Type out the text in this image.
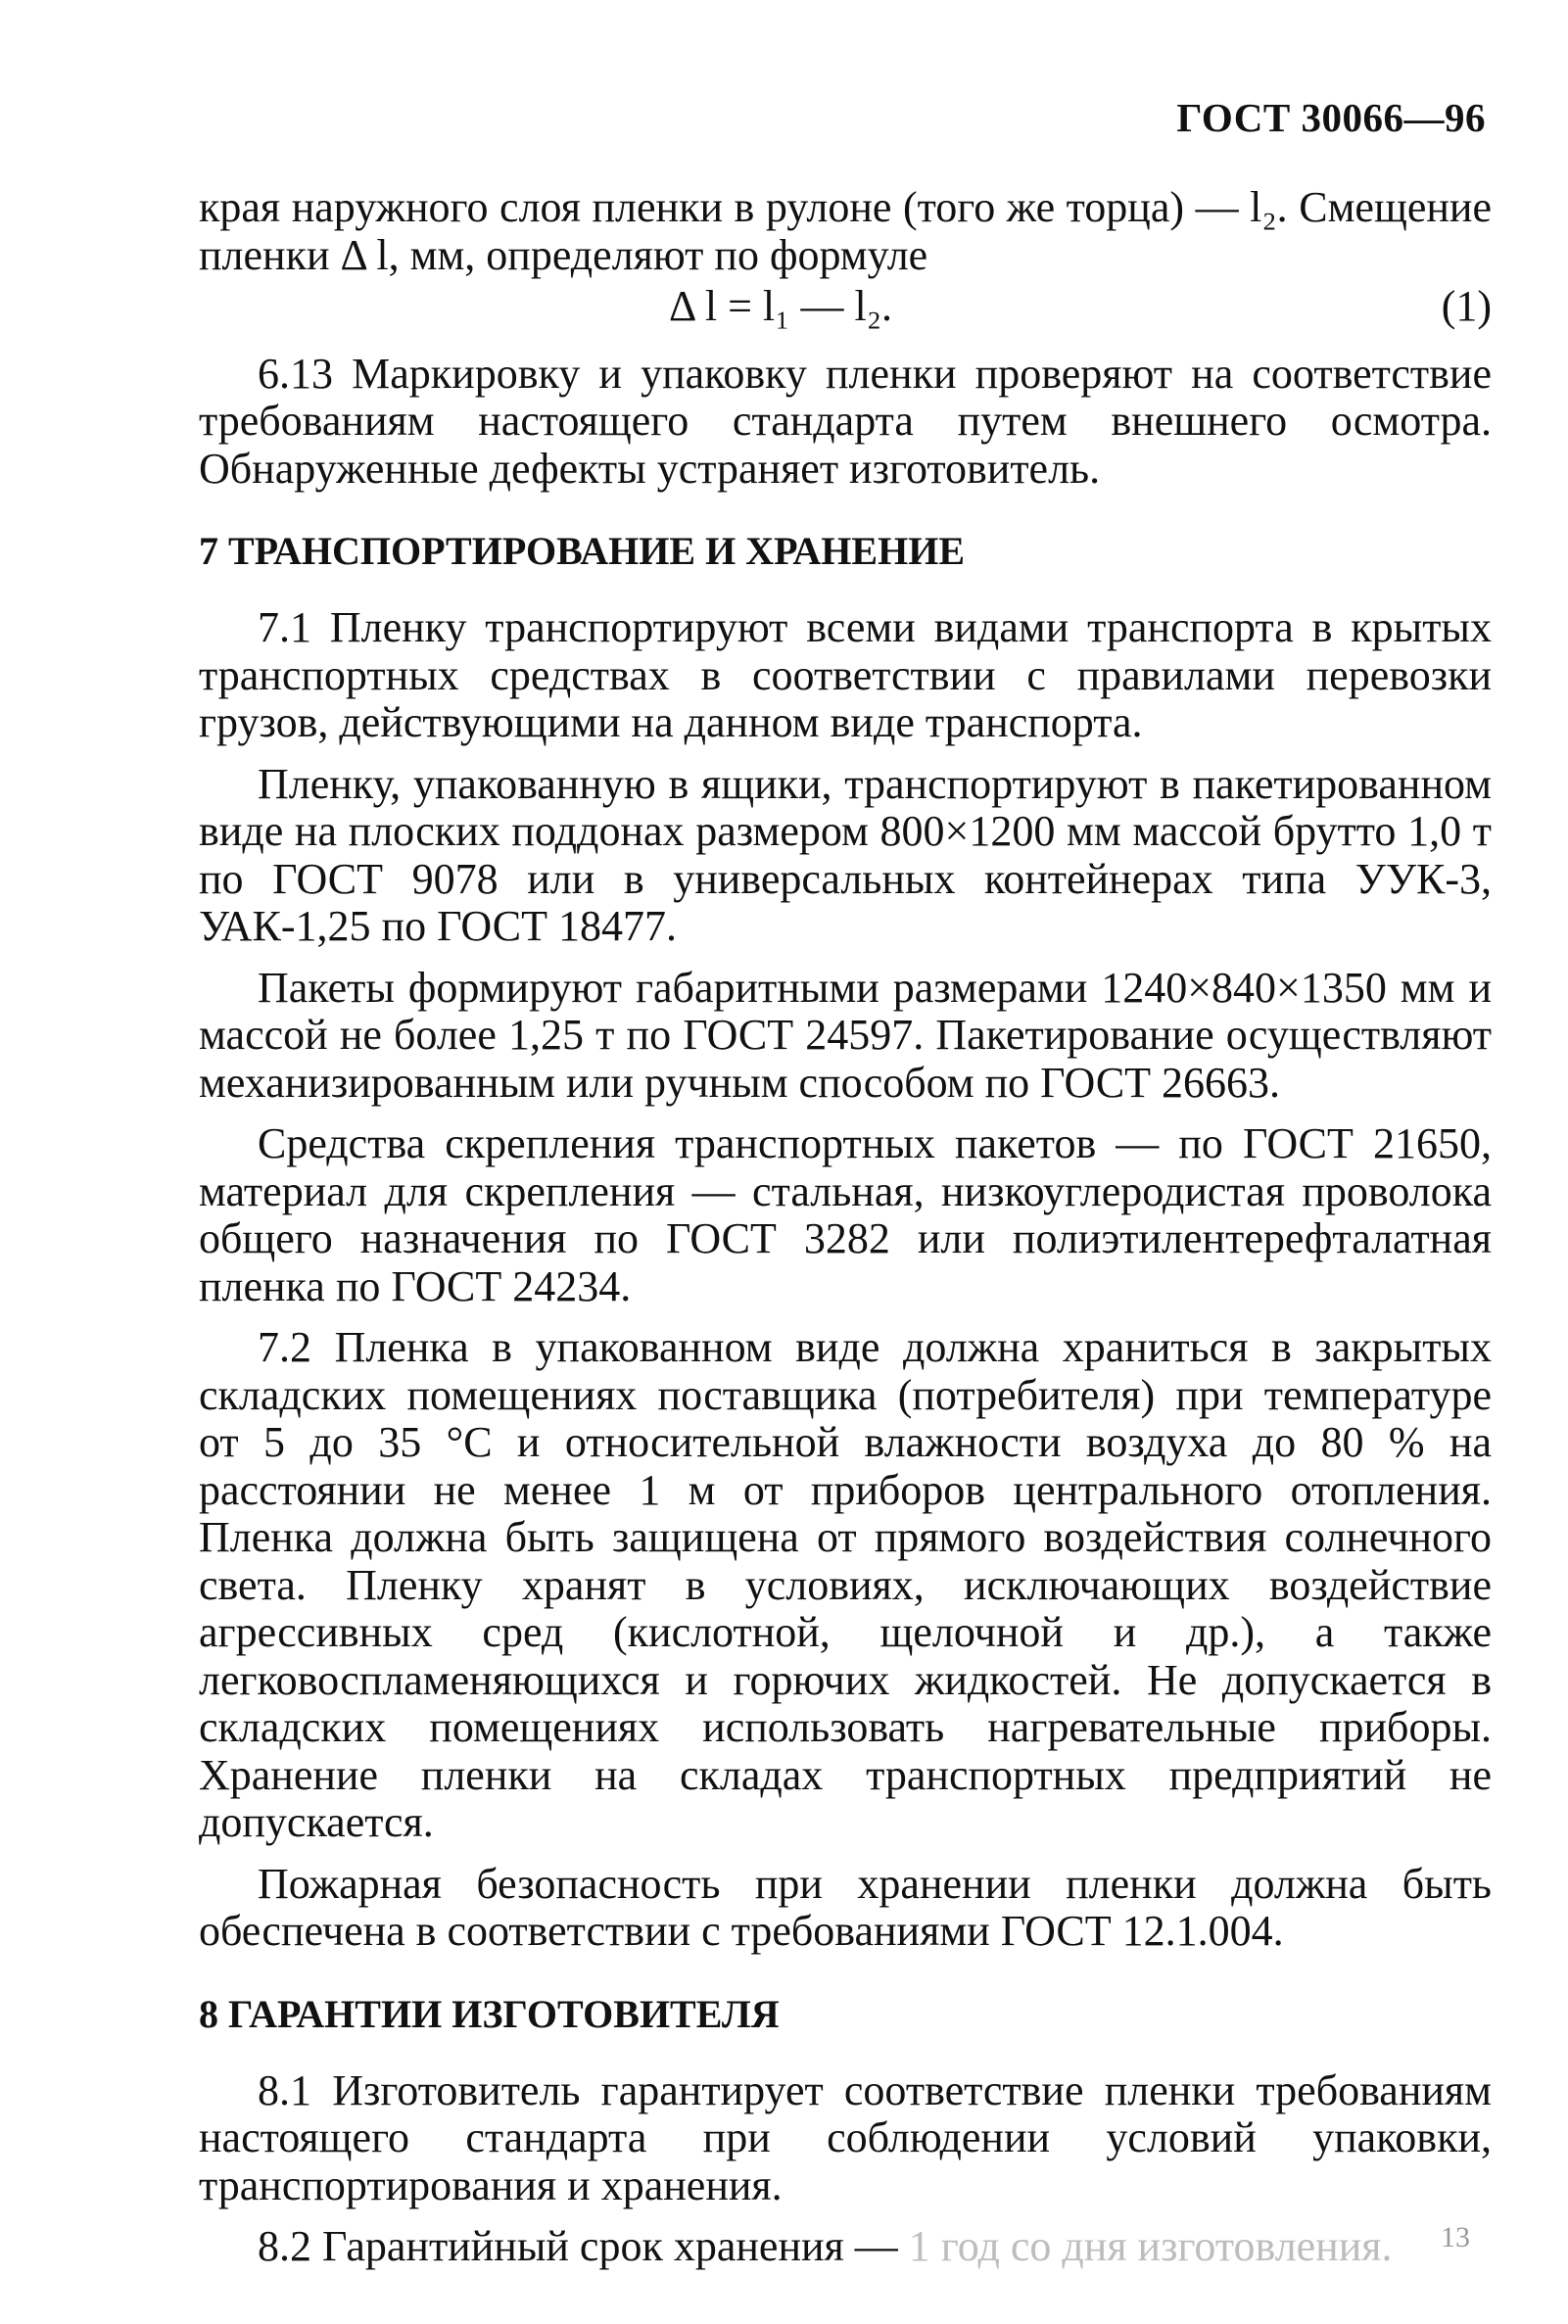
ГОСТ 30066—96

края наружного слоя пленки в рулоне (того же торца) — l₂. Смещение пленки Δ l, мм, определяют по формуле

Δ l = l₁ — l₂.	(1)

6.13 Маркировку и упаковку пленки проверяют на соответствие требованиям настоящего стандарта путем внешнего осмотра. Обнаруженные дефекты устраняет изготовитель.

7 ТРАНСПОРТИРОВАНИЕ И ХРАНЕНИЕ

7.1 Пленку транспортируют всеми видами транспорта в крытых транспортных средствах в соответствии с правилами перевозки грузов, действующими на данном виде транспорта.

Пленку, упакованную в ящики, транспортируют в пакетированном виде на плоских поддонах размером 800×1200 мм массой брутто 1,0 т по ГОСТ 9078 или в универсальных контейнерах типа УУК-3, УАК-1,25 по ГОСТ 18477.

Пакеты формируют габаритными размерами 1240×840×1350 мм и массой не более 1,25 т по ГОСТ 24597. Пакетирование осуществляют механизированным или ручным способом по ГОСТ 26663.

Средства скрепления транспортных пакетов — по ГОСТ 21650, материал для скрепления — стальная, низкоуглеродистая проволока общего назначения по ГОСТ 3282 или полиэтилентерефталатная пленка по ГОСТ 24234.

7.2 Пленка в упакованном виде должна храниться в закрытых складских помещениях поставщика (потребителя) при температуре от 5 до 35 °С и относительной влажности воздуха до 80 % на расстоянии не менее 1 м от приборов центрального отопления. Пленка должна быть защищена от прямого воздействия солнечного света. Пленку хранят в условиях, исключающих воздействие агрессивных сред (кислотной, щелочной и др.), а также легковоспламеняющихся и горючих жидкостей. Не допускается в складских помещениях использовать нагревательные приборы. Хранение пленки на складах транспортных предприятий не допускается.

Пожарная безопасность при хранении пленки должна быть обеспечена в соответствии с требованиями ГОСТ 12.1.004.

8 ГАРАНТИИ ИЗГОТОВИТЕЛЯ

8.1 Изготовитель гарантирует соответствие пленки требованиям настоящего стандарта при соблюдении условий упаковки, транспортирования и хранения.

8.2 Гарантийный срок хранения — 1 год со дня изготовления.	13
